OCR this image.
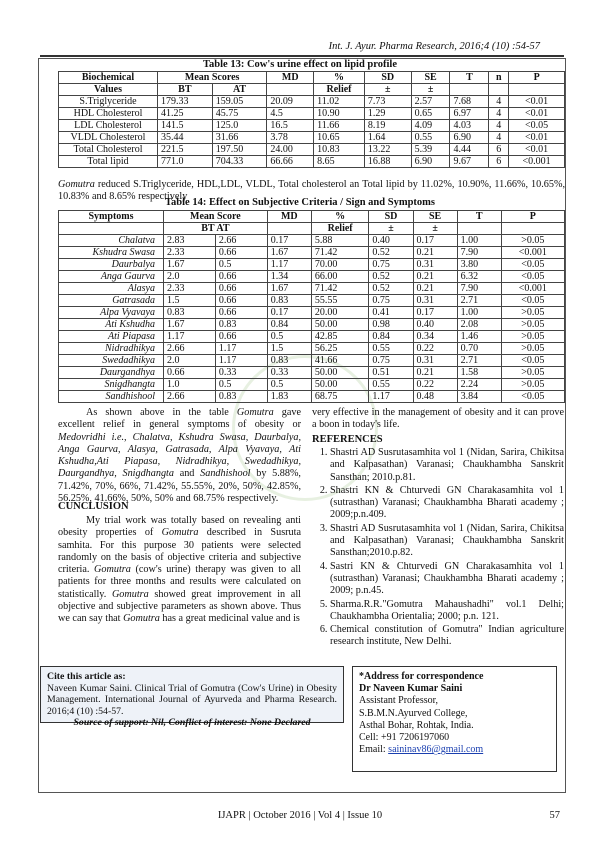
Int. J. Ayur. Pharma Research, 2016;4 (10) :54-57
Table 13: Cow's urine effect on lipid profile
Biochemical	Mean Scores		MD	%	SD	SE	T	n	P
Values	BT	AT		Relief	±	±			
S.Triglyceride	179.33	159.05	20.09	11.02	7.73	2.57	7.68	4	<0.01
HDL Cholesterol	41.25	45.75	4.5	10.90	1.29	0.65	6.97	4	<0.01
LDL Cholesterol	141.5	125.0	16.5	11.66	8.19	4.09	4.03	4	<0.05
VLDL Cholesterol	35.44	31.66	3.78	10.65	1.64	0.55	6.90	4	<0.01
Total Cholesterol	221.5	197.50	24.00	10.83	13.22	5.39	4.44	6	<0.01
Total lipid	771.0	704.33	66.66	8.65	16.88	6.90	9.67	6	<0.001
Gomutra reduced S.Triglyceride, HDL,LDL, VLDL, Total cholesterol an Total lipid by 11.02%, 10.90%, 11.66%, 10.65%, 10.83% and 8.65% respectively
Table 14: Effect on Subjective Criteria / Sign and Symptoms
Symptoms	Mean Score		MD	%	SD	SE	T	P
	BT AT			Relief	±	±		
Chalatva	2.83	2.66	0.17	5.88	0.40	0.17	1.00	>0.05
Kshudra Swasa	2.33	0.66	1.67	71.42	0.52	0.21	7.90	<0.001
Daurbalya	1.67	0.5	1.17	70.00	0.75	0.31	3.80	<0.05
Anga Gaurva	2.0	0.66	1.34	66.00	0.52	0.21	6.32	<0.05
Alasya	2.33	0.66	1.67	71.42	0.52	0.21	7.90	<0.001
Gatrasada	1.5	0.66	0.83	55.55	0.75	0.31	2.71	<0.05
Alpa Vyavaya	0.83	0.66	0.17	20.00	0.41	0.17	1.00	>0.05
Ati Kshudha	1.67	0.83	0.84	50.00	0.98	0.40	2.08	>0.05
Ati Piapasa	1.17	0.66	0.5	42.85	0.84	0.34	1.46	>0.05
Nidradhikya	2.66	1.17	1.5	56.25	0.55	0.22	0.70	>0.05
Swedadhikya	2.0	1.17	0.83	41.66	0.75	0.31	2.71	<0.05
Daurgandhya	0.66	0.33	0.33	50.00	0.51	0.21	1.58	>0.05
Snigdhangta	1.0	0.5	0.5	50.00	0.55	0.22	2.24	>0.05
Sandhishool	2.66	0.83	1.83	68.75	1.17	0.48	3.84	<0.05
As shown above in the table Gomutra gave excellent relief in general symptoms of obesity or Medovridhi i.e., Chalatva, Kshudra Swasa, Daurbalya, Anga Gaurva, Alasya, Gatrasada, Alpa Vyavaya, Ati Kshudha,Ati Piapasa, Nidradhikya, Swedadhikya, Daurgandhya, Snigdhangta and Sandhishool by 5.88%, 71.42%, 70%, 66%, 71.42%, 55.55%, 20%, 50%, 42.85%, 56.25%, 41.66%, 50%, 50% and 68.75% respectively.
CUNCLUSION
My trial work was totally based on revealing anti obesity properties of Gomutra described in Susruta samhita. For this purpose 30 patients were selected randomly on the basis of objective criteria and subjective criteria. Gomutra (cow's urine) therapy was given to all patients for three months and results were calculated on statistically. Gomutra showed great improvement in all objective and subjective parameters as shown above. Thus we can say that Gomutra has a great medicinal value and is
very effective in the management of obesity and it can prove a boon in today's life.
REFERENCES
1. Shastri AD Susrutasamhita vol 1 (Nidan, Sarira, Chikitsa and Kalpasathan) Varanasi; Chaukhambha Sanskrit Sansthan; 2010.p.81.
2. Shastri KN & Chturvedi GN Charakasamhita vol 1 (sutrasthan) Varanasi; Chaukhambha Bharati academy ; 2009;p.n.409.
3. Shastri AD Susrutasamhita vol 1 (Nidan, Sarira, Chikitsa and Kalpasathan) Varanasi; Chaukhambha Sanskrit Sansthan;2010.p.82.
4. Sastri KN & Chturvedi GN Charakasamhita vol 1 (sutrasthan) Varanasi; Chaukhambha Bharati academy ; 2009; p.n.45.
5. Sharma.R.R."Gomutra Mahaushadhi" vol.1 Delhi; Chaukhambha Orientalia; 2000; p.n. 121.
6. Chemical constitution of Gomutra" Indian agriculture research institute, New Delhi.
Cite this article as:
Naveen Kumar Saini. Clinical Trial of Gomutra (Cow's Urine) in Obesity Management. International Journal of Ayurveda and Pharma Research. 2016;4 (10) :54-57.
Source of support: Nil, Conflict of interest: None Declared
*Address for correspondence
Dr Naveen Kumar Saini
Assistant Professor,
S.B.M.N.Ayurved College,
Asthal Bohar, Rohtak, India.
Cell: +91 7206197060
Email: saininav86@gmail.com
IJAPR | October 2016 | Vol 4 | Issue 10	57
